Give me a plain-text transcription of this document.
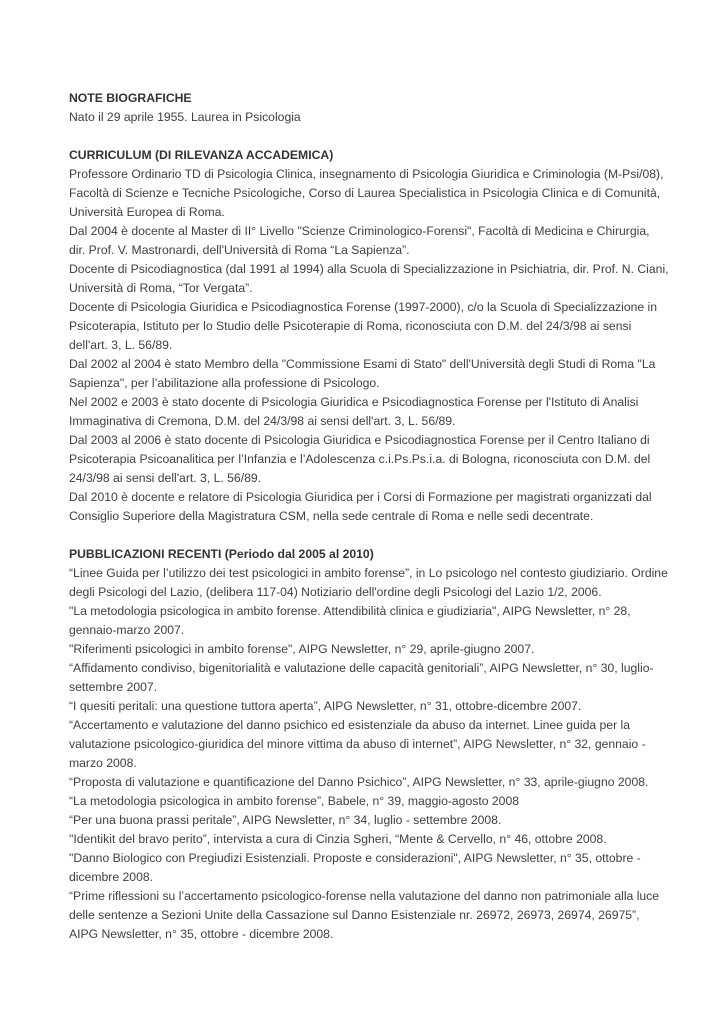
NOTE BIOGRAFICHE

Nato il 29 aprile 1955. Laurea in Psicologia

CURRICULUM (DI RILEVANZA ACCADEMICA)

Professore Ordinario TD di Psicologia Clinica, insegnamento di Psicologia Giuridica e Criminologia (M-Psi/08), Facoltà di Scienze e Tecniche Psicologiche, Corso di Laurea Specialistica in Psicologia Clinica e di Comunità, Università Europea di Roma.

Dal 2004 è docente al Master di II° Livello "Scienze Criminologico-Forensi", Facoltà di Medicina e Chirurgia, dir. Prof. V. Mastronardi, dell'Università di Roma “La Sapienza”.

Docente di Psicodiagnostica (dal 1991 al 1994) alla Scuola di Specializzazione in Psichiatria, dir. Prof. N. Ciani, Università di Roma, “Tor Vergata”.

Docente di Psicologia Giuridica e Psicodiagnostica Forense (1997-2000), c/o la Scuola di Specializzazione in Psicoterapia, Istituto per lo Studio delle Psicoterapie di Roma, riconosciuta con D.M. del 24/3/98 ai sensi dell'art. 3, L. 56/89.

Dal 2002 al 2004 è stato Membro della "Commissione Esami di Stato" dell'Università degli Studi di Roma "La Sapienza", per l’abilitazione alla professione di Psicologo.

Nel 2002 e 2003 è stato docente di Psicologia Giuridica e Psicodiagnostica Forense per l'Istituto di Analisi Immaginativa di Cremona, D.M. del 24/3/98 ai sensi dell'art. 3, L. 56/89.

Dal 2003 al 2006 è stato docente di Psicologia Giuridica e Psicodiagnostica Forense per il Centro Italiano di Psicoterapia Psicoanalitica per l’Infanzia e l’Adolescenza c.i.Ps.Ps.i.a. di Bologna, riconosciuta con D.M. del 24/3/98 ai sensi dell'art. 3, L. 56/89.

Dal 2010 è docente e relatore di Psicologia Giuridica per i Corsi di Formazione per magistrati organizzati dal Consiglio Superiore della Magistratura CSM, nella sede centrale di Roma e nelle sedi decentrate.

PUBBLICAZIONI RECENTI (Periodo dal 2005 al 2010)

“Linee Guida per l’utilizzo dei test psicologici in ambito forense”, in Lo psicologo nel contesto giudiziario. Ordine degli Psicologi del Lazio, (delibera 117-04) Notiziario dell'ordine degli Psicologi del Lazio 1/2, 2006.

"La metodologia psicologica in ambito forense. Attendibilità clinica e giudiziaria", AIPG Newsletter, n° 28, gennaio-marzo 2007.

"Riferimenti psicologici in ambito forense", AIPG Newsletter, n° 29, aprile-giugno 2007.

“Affidamento condiviso, bigenitorialità e valutazione delle capacità genitoriali”, AIPG Newsletter, n° 30, luglio-settembre 2007.

“I quesiti peritali: una questione tuttora aperta”, AIPG Newsletter, n° 31, ottobre-dicembre 2007.

“Accertamento e valutazione del danno psichico ed esistenziale da abuso da internet. Linee guida per la valutazione psicologico-giuridica del minore vittima da abuso di internet”, AIPG Newsletter, n° 32, gennaio - marzo 2008.

“Proposta di valutazione e quantificazione del Danno Psichico”, AIPG Newsletter, n° 33, aprile-giugno 2008.

“La metodologia psicologica in ambito forense”, Babele, n° 39, maggio-agosto 2008

“Per una buona prassi peritale”, AIPG Newsletter, n° 34, luglio - settembre 2008.

"Identikit del bravo perito”, intervista a cura di Cinzia Sgheri, “Mente & Cervello, n° 46, ottobre 2008.

"Danno Biologico con Pregiudizi Esistenziali. Proposte e considerazioni", AIPG Newsletter, n° 35, ottobre - dicembre 2008.

“Prime riflessioni su l’accertamento psicologico-forense nella valutazione del danno non patrimoniale alla luce delle sentenze a Sezioni Unite della Cassazione sul Danno Esistenziale nr. 26972, 26973, 26974, 26975”, AIPG Newsletter, n° 35, ottobre - dicembre 2008.
